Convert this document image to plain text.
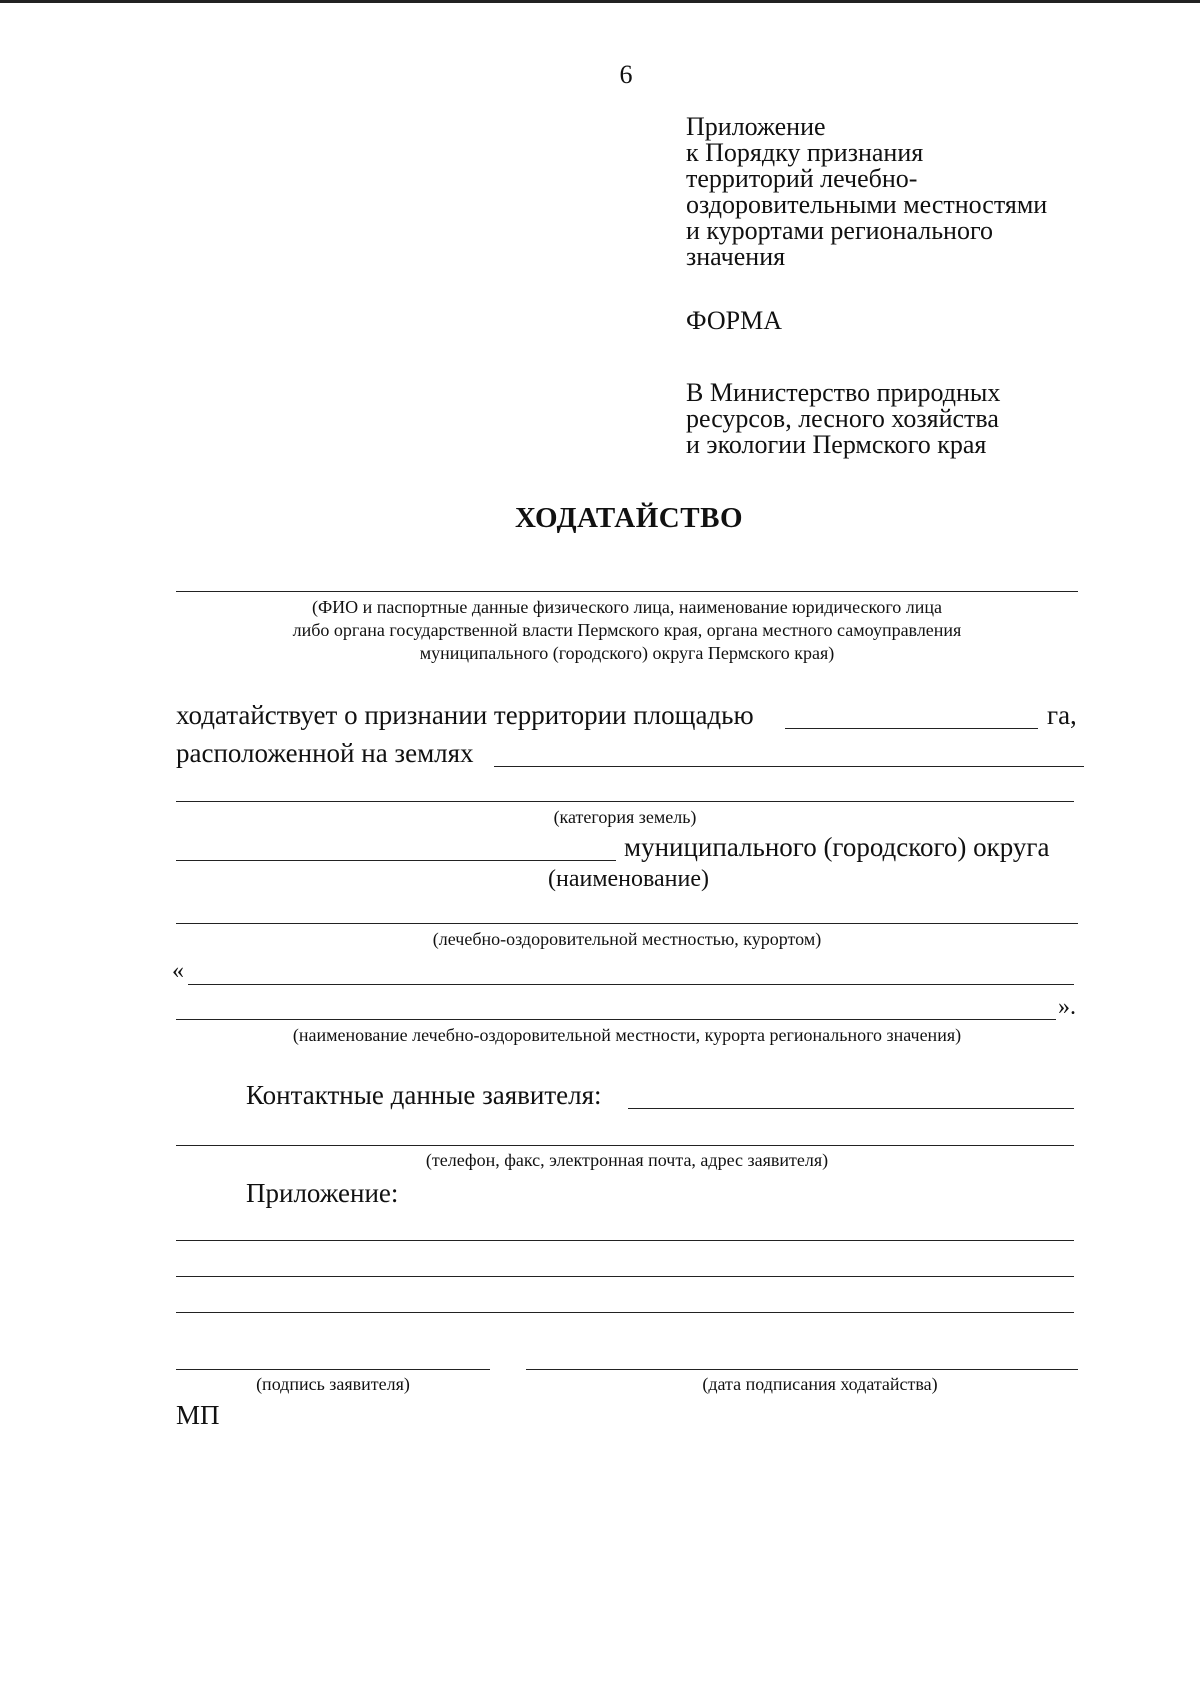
6
Приложение
к Порядку признания
территорий лечебно-
оздоровительными местностями
и курортами регионального
значения
ФОРМА
В Министерство природных
ресурсов, лесного хозяйства
и экологии Пермского края
ХОДАТАЙСТВО
(ФИО и паспортные данные физического лица, наименование юридического лица
либо органа государственной власти Пермского края, органа местного самоуправления
муниципального (городского) округа Пермского края)
ходатайствует о признании территории площадью	га,
расположенной на землях
(категория земель)
муниципального (городского) округа
(наименование)
(лечебно-оздоровительной местностью, курортом)
«
».
(наименование лечебно-оздоровительной местности, курорта регионального значения)
Контактные данные заявителя:
(телефон, факс, электронная почта, адрес заявителя)
Приложение:
(подпись заявителя)	(дата подписания ходатайства)
МП
